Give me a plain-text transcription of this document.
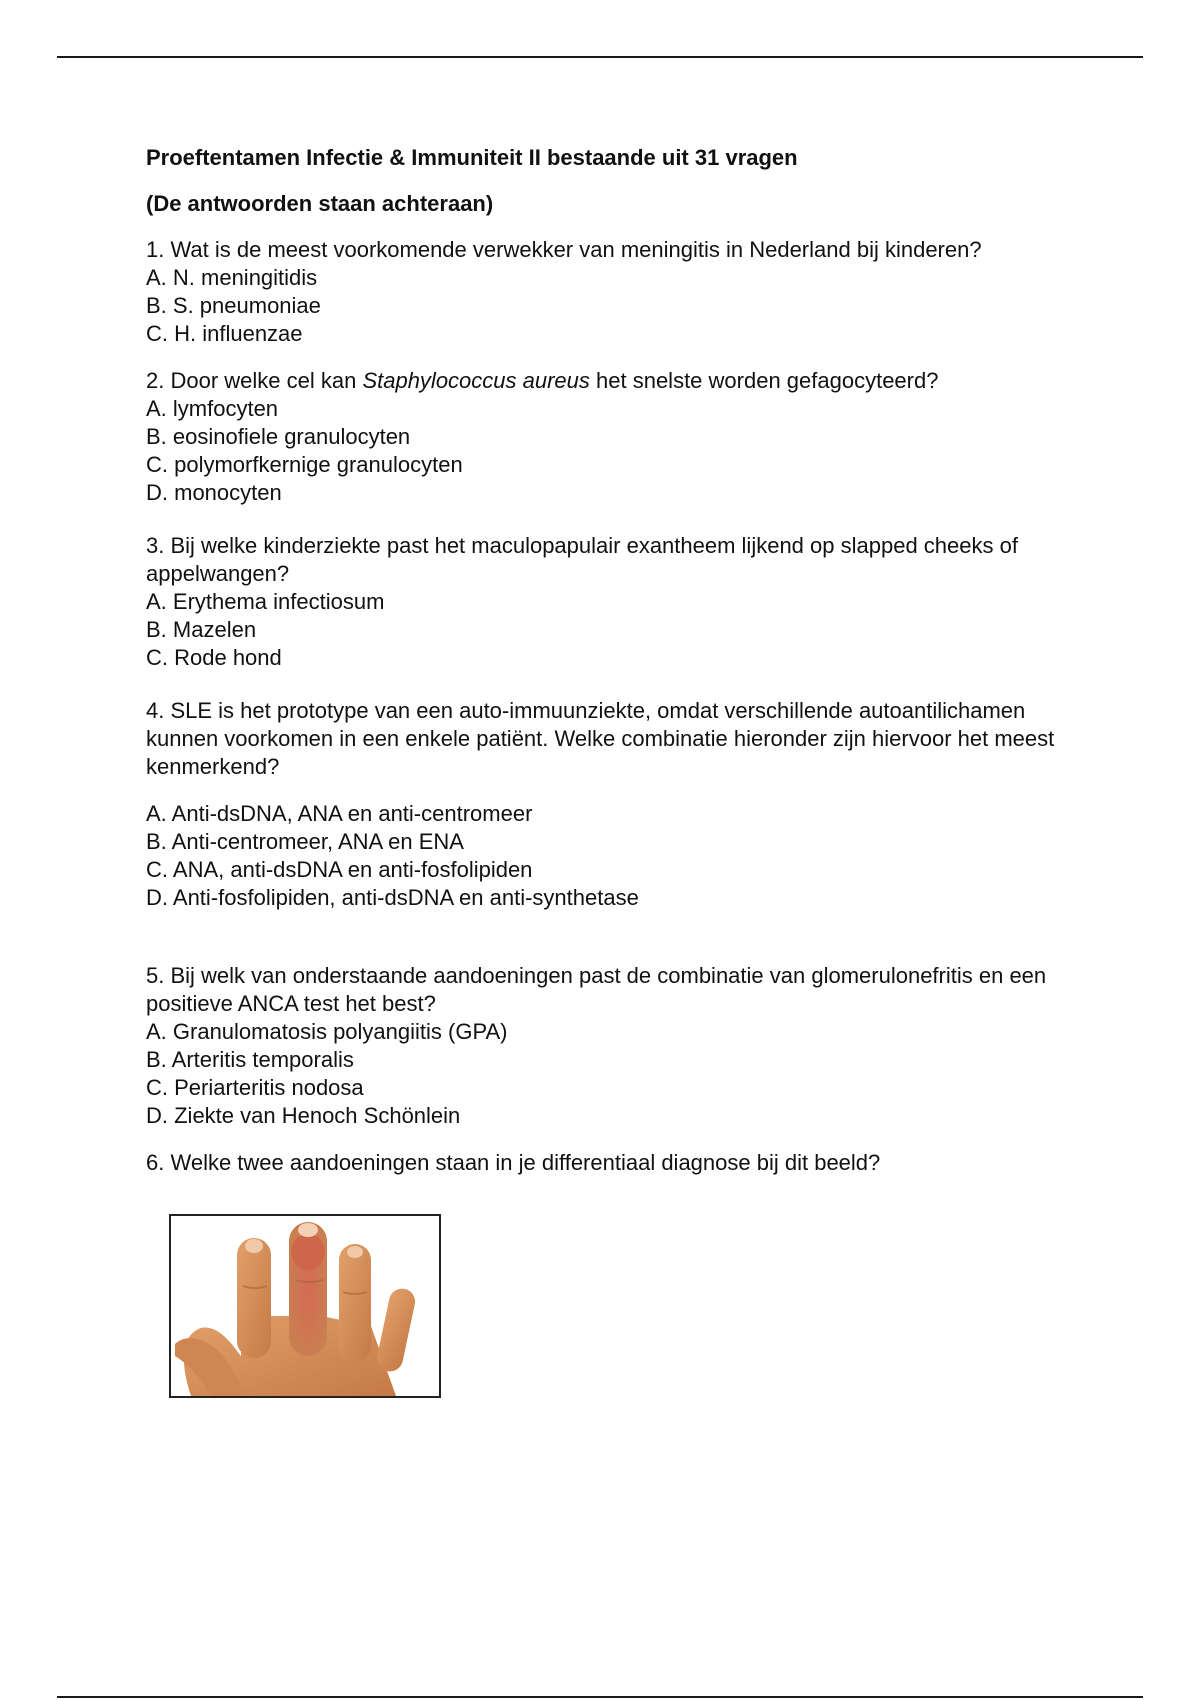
Proeftentamen Infectie & Immuniteit II bestaande uit 31 vragen

(De antwoorden staan achteraan)

1. Wat is de meest voorkomende verwekker van meningitis in Nederland bij kinderen?

A. N. meningitidis

B. S. pneumoniae

C. H. influenzae

2. Door welke cel kan Staphylococcus aureus het snelste worden gefagocyteerd?

A. lymfocyten

B. eosinofiele granulocyten

C. polymorfkernige granulocyten

D. monocyten

3. Bij welke kinderziekte past het maculopapulair exantheem lijkend op slapped cheeks of appelwangen?

A. Erythema infectiosum

B. Mazelen

C. Rode hond

4. SLE is het prototype van een auto-immuunziekte, omdat verschillende autoantilichamen kunnen voorkomen in een enkele patiënt. Welke combinatie hieronder zijn hiervoor het meest kenmerkend?

A. Anti-dsDNA, ANA en anti-centromeer

B. Anti-centromeer, ANA en ENA

C. ANA, anti-dsDNA en anti-fosfolipiden

D. Anti-fosfolipiden, anti-dsDNA en anti-synthetase

5. Bij welk van onderstaande aandoeningen past de combinatie van glomerulonefritis en een positieve ANCA test het best?

A. Granulomatosis polyangiitis (GPA)

B. Arteritis temporalis

C. Periarteritis nodosa

D. Ziekte van Henoch Schönlein

6. Welke twee aandoeningen staan in je differentiaal diagnose bij dit beeld?
